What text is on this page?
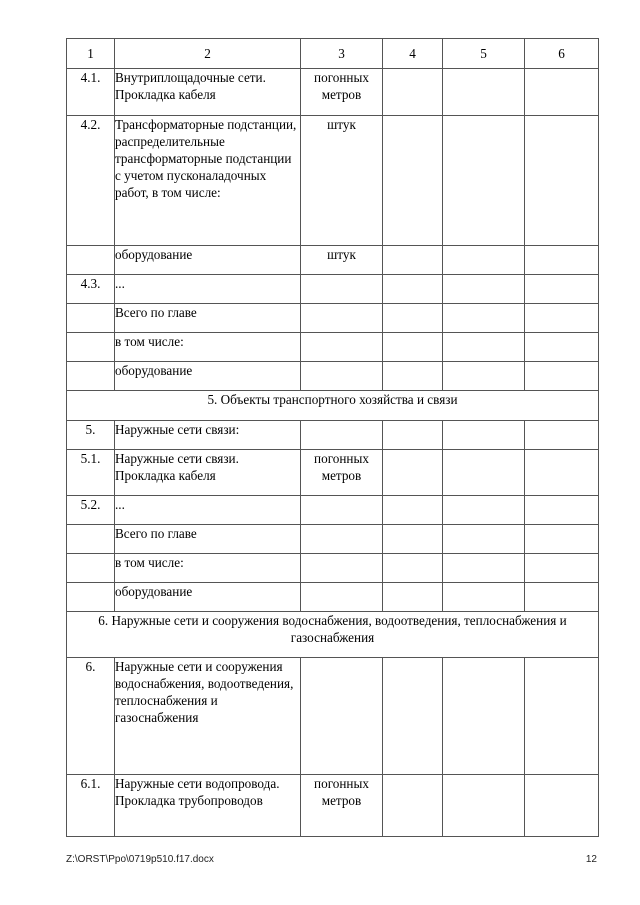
1	2	3	4	5	6
4.1.	Внутриплощадочные сети. Прокладка кабеля	погонных метров			
4.2.	Трансформаторные подстанции, распределительные трансформаторные подстанции с учетом пусконаладочных работ, в том числе:	штук			
	оборудование	штук			
4.3.	...				
	Всего по главе				
	в том числе:				
	оборудование				
5. Объекты транспортного хозяйства и связи					
5.	Наружные сети связи:				
5.1.	Наружные сети связи. Прокладка кабеля	погонных метров			
5.2.	...				
	Всего по главе				
	в том числе:				
	оборудование				
6. Наружные сети и сооружения водоснабжения, водоотведения, теплоснабжения и газоснабжения					
6.	Наружные сети и сооружения водоснабжения, водоотведения, теплоснабжения и газоснабжения				
6.1.	Наружные сети водопровода. Прокладка трубопроводов	погонных метров			
Z:\ORST\Ppo\0719p510.f17.docx	12
